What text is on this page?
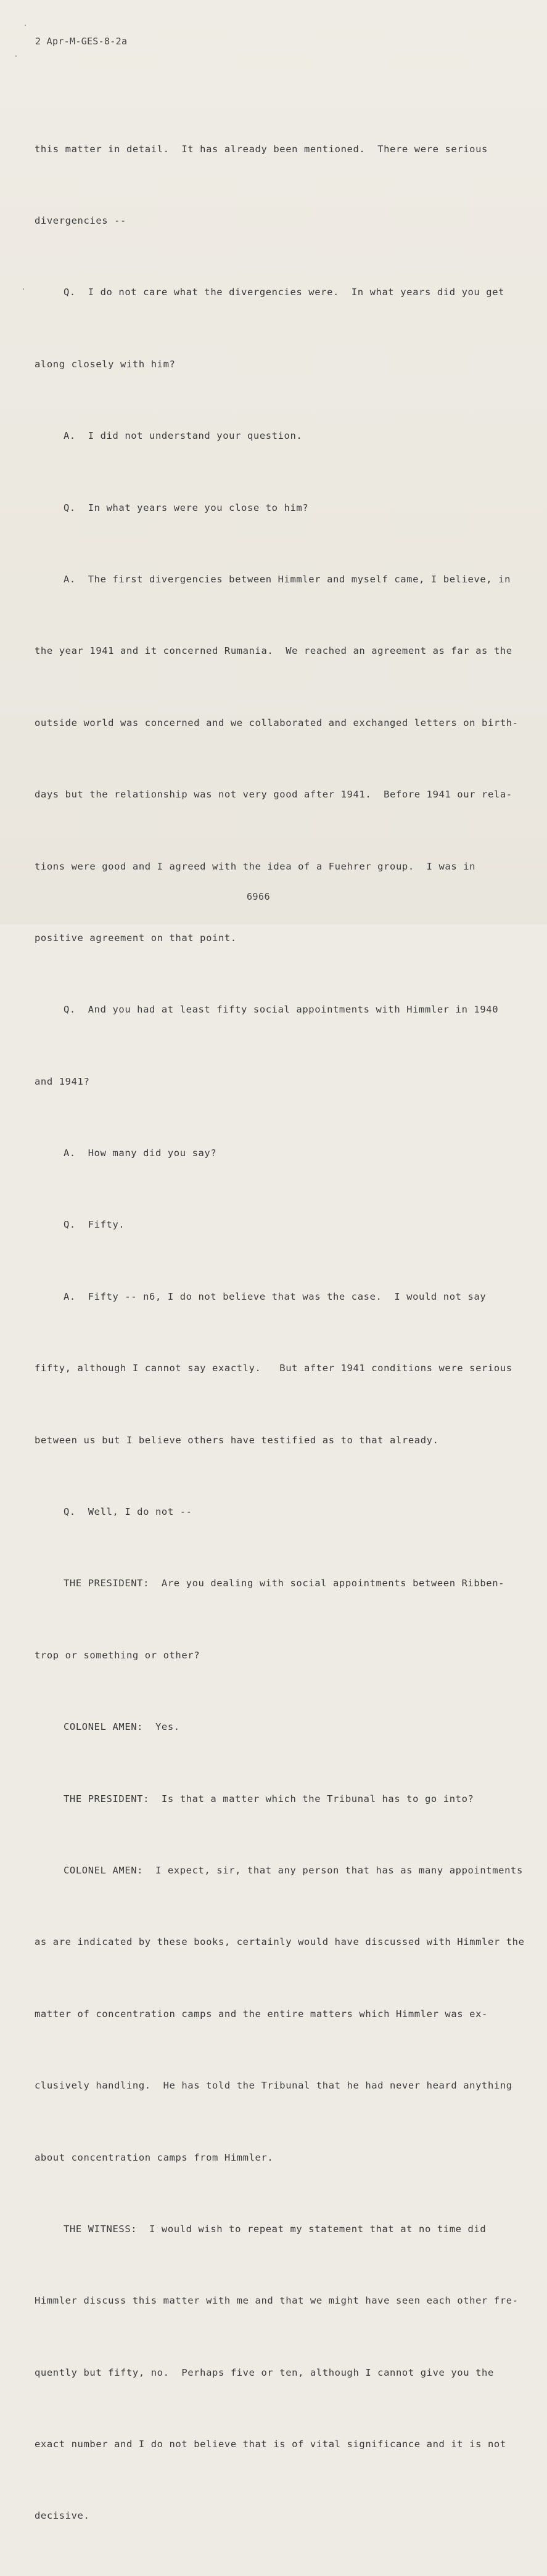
2 Apr-M-GES-8-2a

this matter in detail.  It has already been mentioned.  There were serious

divergencies --

Q.  I do not care what the divergencies were.  In what years did you get

along closely with him?

A.  I did not understand your question.

Q.  In what years were you close to him?

A.  The first divergencies between Himmler and myself came, I believe, in

the year 1941 and it concerned Rumania.  We reached an agreement as far as the

outside world was concerned and we collaborated and exchanged letters on birth-

days but the relationship was not very good after 1941.  Before 1941 our rela-

tions were good and I agreed with the idea of a Fuehrer group.  I was in

positive agreement on that point.

Q.  And you had at least fifty social appointments with Himmler in 1940

and 1941?

A.  How many did you say?

Q.  Fifty.

A.  Fifty -- n6, I do not believe that was the case.  I would not say

fifty, although I cannot say exactly.   But after 1941 conditions were serious

between us but I believe others have testified as to that already.

Q.  Well, I do not --

THE PRESIDENT:  Are you dealing with social appointments between Ribben-

trop or something or other?

COLONEL AMEN:  Yes.

THE PRESIDENT:  Is that a matter which the Tribunal has to go into?

COLONEL AMEN:  I expect, sir, that any person that has as many appointments

as are indicated by these books, certainly would have discussed with Himmler the

matter of concentration camps and the entire matters which Himmler was ex-

clusively handling.  He has told the Tribunal that he had never heard anything

about concentration camps from Himmler.

THE WITNESS:  I would wish to repeat my statement that at no time did

Himmler discuss this matter with me and that we might have seen each other fre-

quently but fifty, no.  Perhaps five or ten, although I cannot give you the

exact number and I do not believe that is of vital significance and it is not

decisive.

6966
